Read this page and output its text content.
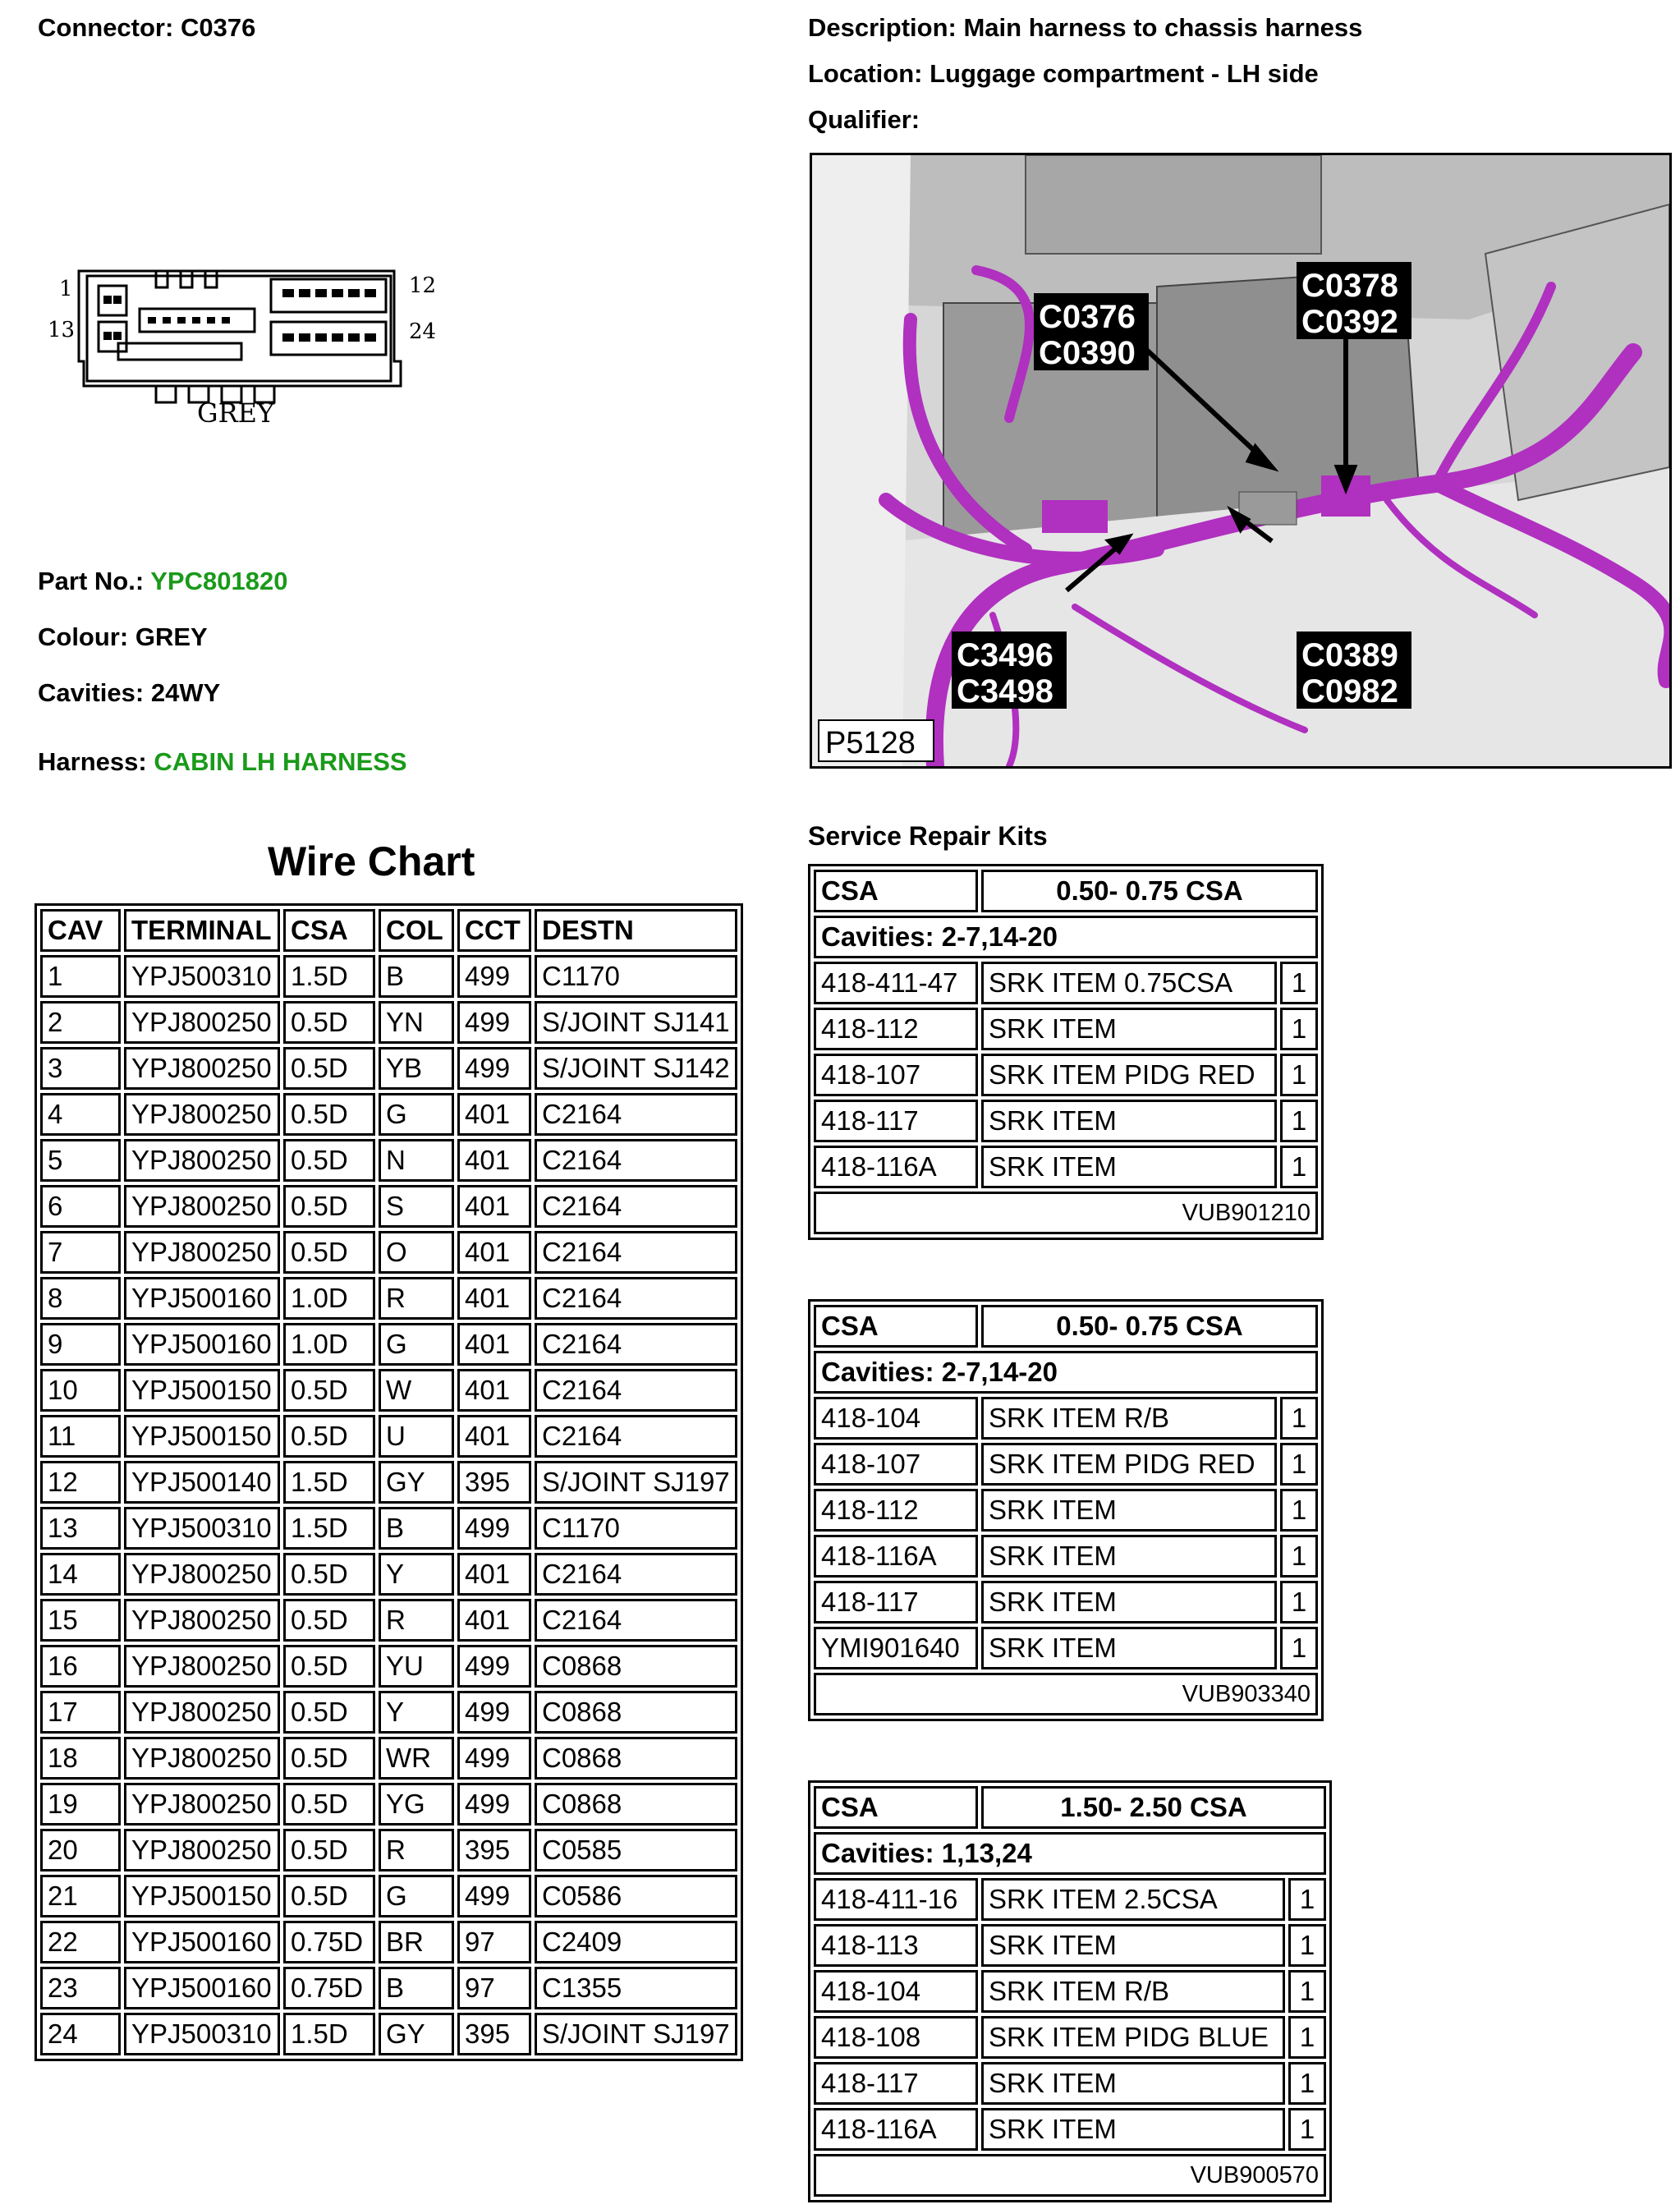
Connector: C0376	Description: Main harness to chassis harness
Location: Luggage compartment - LH side
Qualifier:
1
13
12
24
GREY
Part No.: YPC801820
Colour: GREY
Cavities: 24WY
Harness: CABIN LH HARNESS
C0376
C0390
C0378
C0392
C3496
C3498
C0389
C0982
P5128
Wire Chart
CAV	TERMINAL	CSA	COL	CCT	DESTN
1	YPJ500310	1.5D	B	499	C1170
2	YPJ800250	0.5D	YN	499	S/JOINT SJ141
3	YPJ800250	0.5D	YB	499	S/JOINT SJ142
4	YPJ800250	0.5D	G	401	C2164
5	YPJ800250	0.5D	N	401	C2164
6	YPJ800250	0.5D	S	401	C2164
7	YPJ800250	0.5D	O	401	C2164
8	YPJ500160	1.0D	R	401	C2164
9	YPJ500160	1.0D	G	401	C2164
10	YPJ500150	0.5D	W	401	C2164
11	YPJ500150	0.5D	U	401	C2164
12	YPJ500140	1.5D	GY	395	S/JOINT SJ197
13	YPJ500310	1.5D	B	499	C1170
14	YPJ800250	0.5D	Y	401	C2164
15	YPJ800250	0.5D	R	401	C2164
16	YPJ800250	0.5D	YU	499	C0868
17	YPJ800250	0.5D	Y	499	C0868
18	YPJ800250	0.5D	WR	499	C0868
19	YPJ800250	0.5D	YG	499	C0868
20	YPJ800250	0.5D	R	395	C0585
21	YPJ500150	0.5D	G	499	C0586
22	YPJ500160	0.75D	BR	97	C2409
23	YPJ500160	0.75D	B	97	C1355
24	YPJ500310	1.5D	GY	395	S/JOINT SJ197
Service Repair Kits
CSA	0.50- 0.75 CSA	
Cavities: 2-7,14-20		
418-411-47	SRK ITEM 0.75CSA	1
418-112	SRK ITEM	1
418-107	SRK ITEM PIDG RED	1
418-117	SRK ITEM	1
418-116A	SRK ITEM	1
VUB901210		
CSA	0.50- 0.75 CSA	
Cavities: 2-7,14-20		
418-104	SRK ITEM R/B	1
418-107	SRK ITEM PIDG RED	1
418-112	SRK ITEM	1
418-116A	SRK ITEM	1
418-117	SRK ITEM	1
YMI901640	SRK ITEM	1
VUB903340		
CSA	1.50- 2.50 CSA	
Cavities: 1,13,24		
418-411-16	SRK ITEM 2.5CSA	1
418-113	SRK ITEM	1
418-104	SRK ITEM R/B	1
418-108	SRK ITEM PIDG BLUE	1
418-117	SRK ITEM	1
418-116A	SRK ITEM	1
VUB900570		
